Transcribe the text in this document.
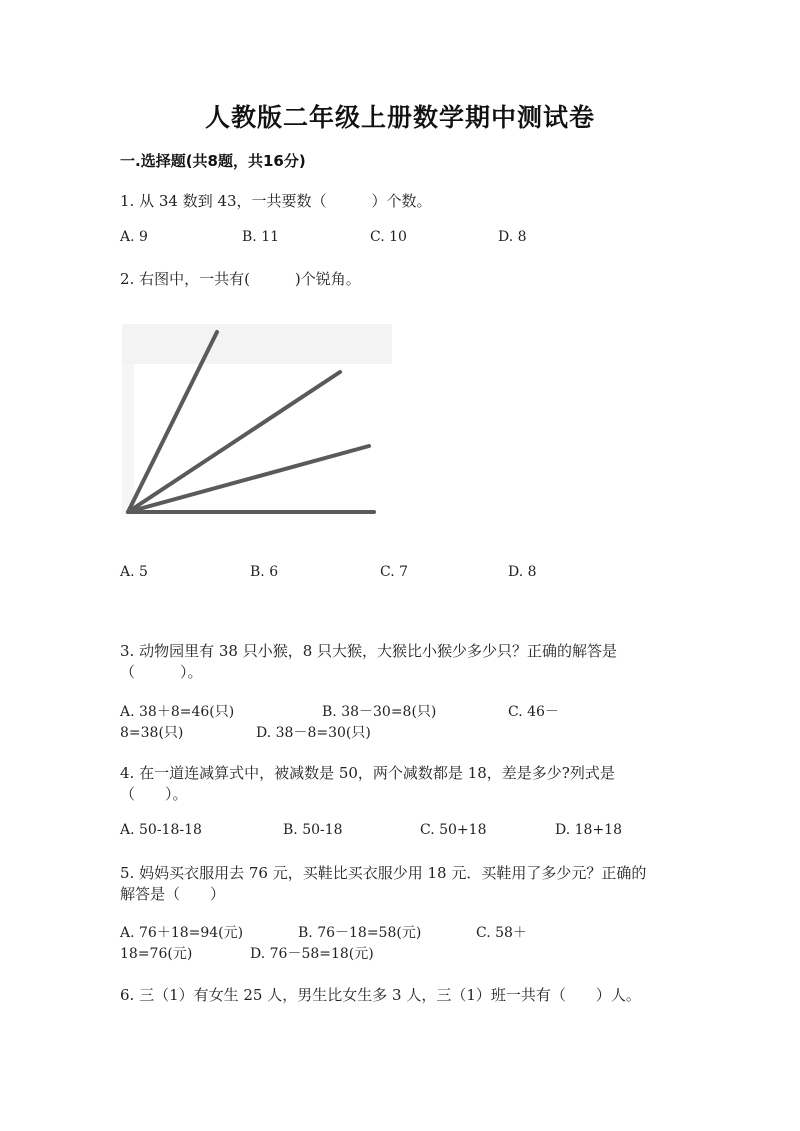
人教版二年级上册数学期中测试卷
一.选择题(共8题，共16分)
1. 从 34 数到 43，一共要数（　　　）个数。
A. 9	B. 11	C. 10	D. 8
2. 右图中，一共有(　　　)个锐角。
A. 5	B. 6	C. 7	D. 8
3. 动物园里有 38 只小猴，8 只大猴，大猴比小猴少多少只？正确的解答是
（　　　）。
A. 38＋8=46(只)	B. 38－30=8(只)	C. 46－
8=38(只)	D. 38－8=30(只)
4. 在一道连减算式中，被减数是 50，两个减数都是 18，差是多少?列式是
（　　）。
A. 50-18-18	B. 50-18	C. 50+18	D. 18+18
5. 妈妈买衣服用去 76 元，买鞋比买衣服少用 18 元．买鞋用了多少元？正确的
解答是（　　）
A. 76＋18=94(元)	B. 76－18=58(元)	C. 58＋
18=76(元)	D. 76－58=18(元)
6. 三（1）有女生 25 人，男生比女生多 3 人，三（1）班一共有（　　）人。
